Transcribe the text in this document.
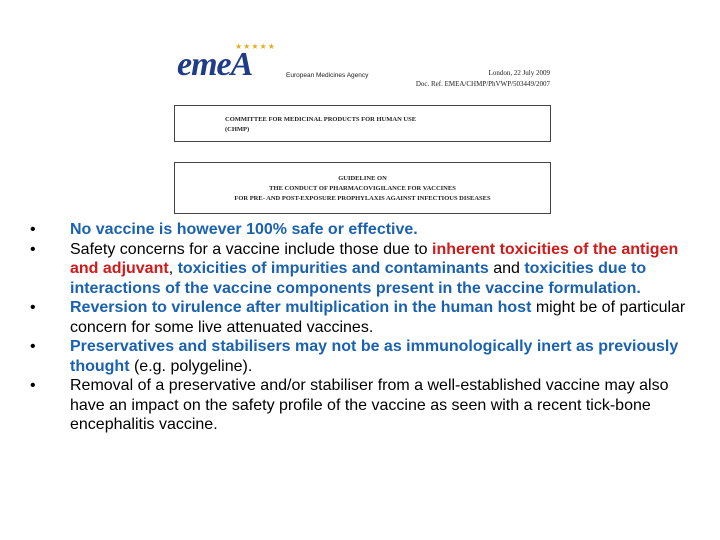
★★★★★
emeA	European Medicines Agency	London, 22 July 2009
Doc. Ref. EMEA/CHMP/PhVWP/503449/2007
COMMITTEE FOR MEDICINAL PRODUCTS FOR HUMAN USE
(CHMP)
GUIDELINE ON
THE CONDUCT OF PHARMACOVIGILANCE FOR VACCINES
FOR PRE- AND POST-EXPOSURE PROPHYLAXIS AGAINST INFECTIOUS DISEASES
•	No vaccine is however 100% safe or effective.
•	Safety concerns for a vaccine include those due to inherent toxicities of the antigen and adjuvant, toxicities of impurities and contaminants and toxicities due to interactions of the vaccine components present in the vaccine formulation.
•	Reversion to virulence after multiplication in the human host might be of particular concern for some live attenuated vaccines.
•	Preservatives and stabilisers may not be as immunologically inert as previously thought (e.g. polygeline).
•	Removal of a preservative and/or stabiliser from a well-established vaccine may also have an impact on the safety profile of the vaccine as seen with a recent tick-bone encephalitis vaccine.
